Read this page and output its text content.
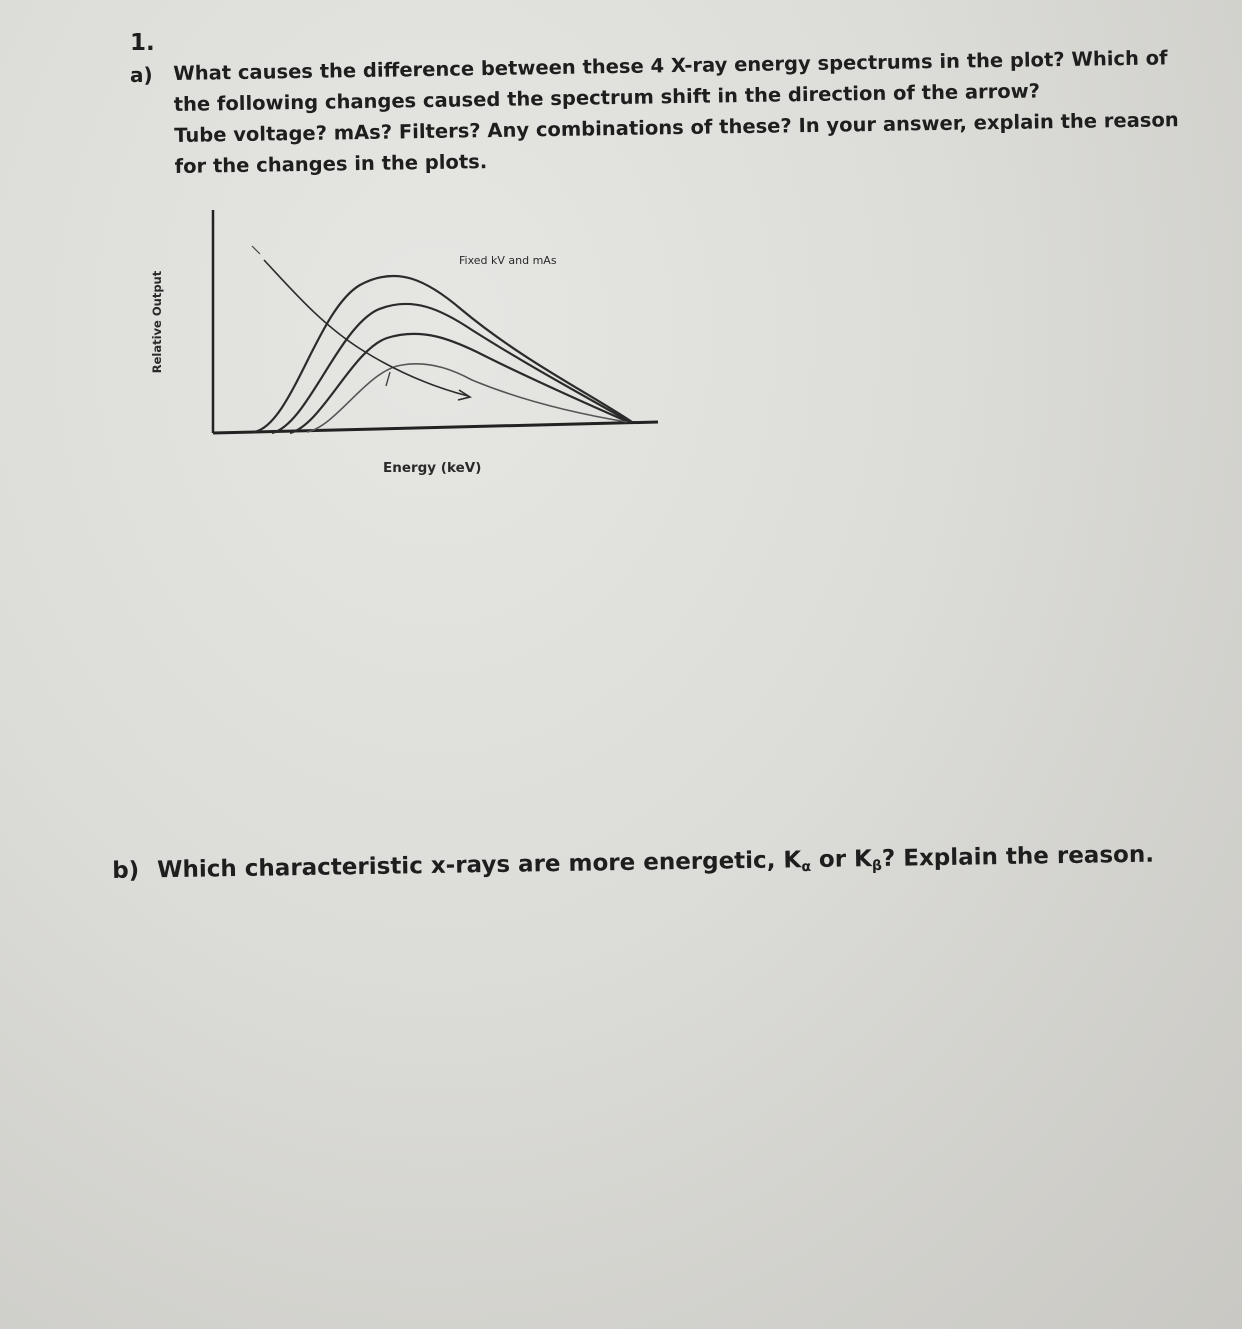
1.
a) What causes the difference between these 4 X-ray energy spectrums in the plot? Which of
the following changes caused the spectrum shift in the direction of the arrow?
Tube voltage? mAs? Filters? Any combinations of these? In your answer, explain the reason
for the changes in the plots.
Fixed kV and mAs
Relative Output
Energy (keV)
b) Which characteristic x-rays are more energetic, $K_\alpha$ or $K_\beta$? Explain the reason.
